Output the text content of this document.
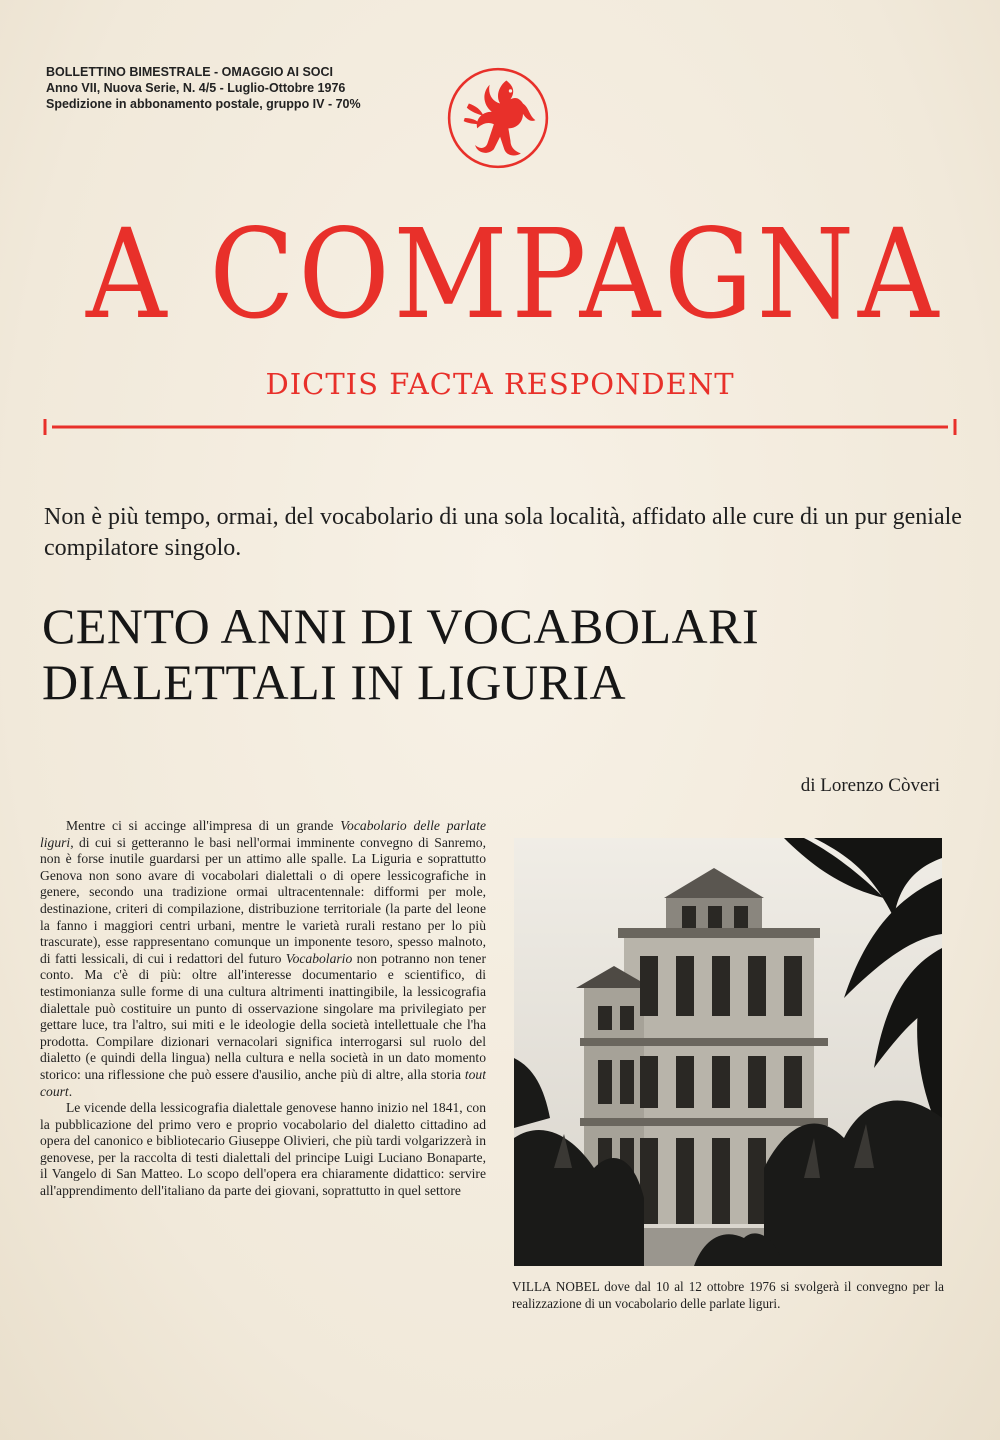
BOLLETTINO BIMESTRALE - OMAGGIO AI SOCI
Anno VII, Nuova Serie, N. 4/5 - Luglio-Ottobre 1976
Spedizione in abbonamento postale, gruppo IV - 70%
A COMPAGNA
DICTIS FACTA RESPONDENT
Non è più tempo, ormai, del vocabolario di una sola località, affidato alle cure di un pur geniale compilatore singolo.
CENTO ANNI DI VOCABOLARI
DIALETTALI IN LIGURIA
di Lorenzo Còveri

Mentre ci si accinge all'impresa di un grande Vocabolario delle parlate liguri, di cui si getteranno le basi nell'ormai imminente convegno di Sanremo, non è forse inutile guardarsi per un attimo alle spalle. La Liguria e soprattutto Genova non sono avare di vocabolari dialettali o di opere lessicografiche in genere, secondo una tradizione ormai ultracentennale: difformi per mole, destinazione, criteri di compilazione, distribuzione territoriale (la parte del leone la fanno i maggiori centri urbani, mentre le varietà rurali restano per lo più trascurate), esse rappresentano comunque un imponente tesoro, spesso malnoto, di fatti lessicali, di cui i redattori del futuro Vocabolario non potranno non tener conto. Ma c'è di più: oltre all'interesse documentario e scientifico, di testimonianza sulle forme di una cultura altrimenti inattingibile, la lessicografia dialettale può costituire un punto di osservazione singolare ma privilegiato per gettare luce, tra l'altro, sui miti e le ideologie della società intellettuale che l'ha prodotta. Compilare dizionari vernacolari significa interrogarsi sul ruolo del dialetto (e quindi della lingua) nella cultura e nella società in un dato momento storico: una riflessione che può essere d'ausilio, anche più di altre, alla storia tout court.

Le vicende della lessicografia dialettale genovese hanno inizio nel 1841, con la pubblicazione del primo vero e proprio vocabolario del dialetto cittadino ad opera del canonico e bibliotecario Giuseppe Olivieri, che più tardi volgarizzerà in genovese, per la raccolta di testi dialettali del principe Luigi Luciano Bonaparte, il Vangelo di San Matteo. Lo scopo dell'opera era chiaramente didattico: servire all'apprendimento dell'italiano da parte dei giovani, soprattutto in quel settore

VILLA NOBEL dove dal 10 al 12 ottobre 1976 si svolgerà il convegno per la realizzazione di un vocabolario delle parlate liguri.
